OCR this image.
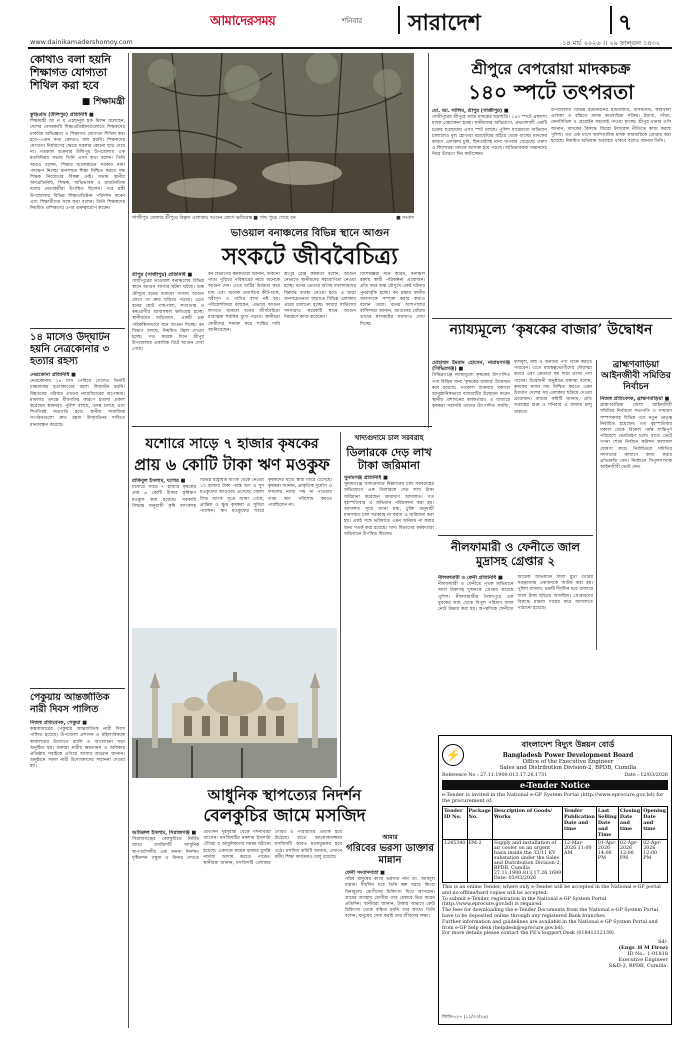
আমাদেরসময়	শনিবার	সারাদেশ	৭
www.dainikamadershomoy.com	১৪ মার্চ ২০২৬ ।। ২৯ ফাল্গুন ১৪৩২
কোথাও বলা হয়নি শিক্ষাগত যোগ্যতা শিথিল করা হবে
■ শিক্ষামন্ত্রী
কুড়িগ্রাম (উলিপুর) প্রতিনিধি ■
শিক্ষামন্ত্রী আ ন ম এহছানুল হক মিলন বলেছেন, দেশের বেসরকারি শিক্ষাপ্রতিষ্ঠানগুলোতে শিক্ষকদের চাকরির অভিজ্ঞতা ও শিক্ষাগত যোগ্যতা শিথিল করা হবে—এমন কথা কোথাও বলা হয়নি। শিক্ষকদের যোগ্যতা নির্ধারণের ক্ষেত্রে সরকার কোনো ছাড় দেবে না। গতকাল শুক্রবার উলিপুর উপজেলায় এক মতবিনিময় সভায় তিনি এসব কথা বলেন। তিনি আরও বলেন, শিক্ষার মানোন্নয়নে সরকার নানা পদক্ষেপ নিচ্ছে। মানসম্মত শিক্ষা নিশ্চিত করতে দক্ষ শিক্ষক নিয়োগের বিকল্প নেই। সভায় স্থানীয় জনপ্রতিনিধি, শিক্ষক, অভিভাবক ও রাজনৈতিক দলের নেতাকর্মীরা উপস্থিত ছিলেন। পরে মন্ত্রী উপজেলার বিভিন্ন শিক্ষাপ্রতিষ্ঠান পরিদর্শন করেন এবং শিক্ষার্থীদের সঙ্গে কথা বলেন। তিনি শিক্ষকদের নিয়মিত প্রশিক্ষণের ওপর গুরুত্বারোপ করেন।
১৪ মাসেও উদ্‌ঘাটন হয়নি নেত্রকোনার ৩ হত্যার রহস্য
নেত্রকোনা প্রতিনিধি ■
নেত্রকোনায় ১৪ মাস পেরিয়ে গেলেও তিনটি চাঞ্চল্যকর হত্যাকাণ্ডের রহস্য উদ্‌ঘাটন হয়নি। নিহতদের পরিবার এখনো ন্যায়বিচারের অপেক্ষায়। মামলার তদন্তে ধীরগতির কারণে হতাশা প্রকাশ করেছেন স্বজনরা। পুলিশ বলছে, তদন্ত চলছে এবং শিগগিরই অগ্রগতি হবে। স্থানীয় সামাজিক সংগঠনগুলো দ্রুত রহস্য উদ্‌ঘাটনের দাবিতে মানববন্ধন করেছে।
পেকুয়ায় আন্তর্জাতিক নারী দিবস পালিত
নিজস্ব প্রতিবেদক, পেকুয়া ■
কক্সবাজারের পেকুয়ায় আন্তর্জাতিক নারী দিবস পালিত হয়েছে। উপজেলা প্রশাসন ও মহিলাবিষয়ক কার্যালয়ের উদ্যোগে র‌্যালি ও আলোচনা সভা অনুষ্ঠিত হয়। বক্তারা নারীর ক্ষমতায়ন ও অধিকার প্রতিষ্ঠায় সবাইকে এগিয়ে আসার আহ্বান জানান। অনুষ্ঠানে সফল নারী উদ্যোক্তাদের সম্মাননা দেওয়া হয়।
গাজীপুর জেলার শ্রীপুরে বিস্তৃত এলাকায় আগুন লেগে ক্ষতিগ্রস্ত ■ গাছ পুড়ে গেছে বন	■ সংবাদ
ভাওয়াল বনাঞ্চলের বিভিন্ন স্থানে আগুন
সংকটে জীববৈচিত্র্য
শ্রীপুর (গাজীপুর) প্রতিনিধি ■
গাজীপুরের ভাওয়াল বনাঞ্চলের বিভিন্ন স্থানে আগুন লাগার ঘটনা ঘটছে। শুষ্ক মৌসুমে বনের শুকনো পাতায় আগুন লেগে তা দ্রুত ছড়িয়ে পড়ছে। এতে বনের ছোট গাছপালা, লতাগুল্ম ও বন্যপ্রাণীর আবাসস্থল ক্ষতিগ্রস্ত হচ্ছে। স্থানীয়দের অভিযোগ, একটি চক্র পরিকল্পিতভাবে বনে আগুন দিচ্ছে। বন বিভাগ বলছে, নিয়মিত টহল দেওয়া হচ্ছে। গত কয়েক দিনে শ্রীপুর উপজেলার একাধিক বিটে আগুন দেখা গেছে।
বন বিভাগের কর্মকর্তারা জানান, শুকনো পাতা পুড়িয়ে পরিষ্কারের নামে অনেকে আগুন দেন। এতে মাটির উর্বরতা কমে যায় এবং অনেক প্রজাতির কীটপতঙ্গ, সরীসৃপ ও পাখির বাসা নষ্ট হয়। পরিবেশবিদরা বলছেন, এভাবে আগুন লাগতে থাকলে বনের জীববৈচিত্র্য মারাত্মক হুমকির মুখে পড়বে। স্থানীয়রা দোষীদের শনাক্ত করে শাস্তির দাবি জানিয়েছেন।
শ্রীপুর রেঞ্জ কর্মকর্তা বলেন, আগুন নেভাতে স্থানীয়দের সহযোগিতা নেওয়া হচ্ছে। বনের ভেতরে অবৈধ দখলদারদের বিরুদ্ধে ব্যবস্থা নেওয়া হবে। এ ছাড়া জনসচেতনতা বাড়াতে বিভিন্ন এলাকায় প্রচার চালানো হচ্ছে। ফায়ার সার্ভিসের সদস্যরাও কয়েকটি স্থানে আগুন নিয়ন্ত্রণে কাজ করেছেন।
বিশেষজ্ঞরা মনে করেন, বনাঞ্চল রক্ষায় স্থায়ী পরিকল্পনা প্রয়োজন। প্রতি বছর শুষ্ক মৌসুমে একই ঘটনার পুনরাবৃত্তি হচ্ছে। বন রক্ষায় স্থানীয় জনগণকে সম্পৃক্ত করার কথাও বলেন তারা। বনের আশপাশের বাসিন্দারা জানান, আগুনের ধোঁয়ায় তাদের শ্বাসকষ্টের সমস্যাও দেখা দিচ্ছে।
যশোরে সাড়ে ৭ হাজার কৃষকের
প্রায় ৬ কোটি টাকা ঋণ মওকুফ
রাকিবুল ইসলাম, যশোর ■
যশোরে সাড়ে ৭ হাজার কৃষকের প্রায় ৬ কোটি টাকার কৃষিঋণ মওকুফ করা হয়েছে। সরকারি সিদ্ধান্ত অনুযায়ী কৃষি ব্যাংকসহ বিভিন্ন রাষ্ট্রায়ত্ত ব্যাংক থেকে নেওয়া ১০ হাজার টাকা পর্যন্ত ঋণ ও সুদ মওকুফের আওতায় এসেছে। জেলা লিড ব্যাংক সূত্রে জানা গেছে, প্রান্তিক ও ক্ষুদ্র কৃষকরা এ সুবিধা পাচ্ছেন। ঋণ মওকুফের খবরে কৃষকদের মধ্যে স্বস্তি ফিরে এসেছে। কৃষকরা জানান, প্রাকৃতিক দুর্যোগ ও ফসলের ন্যায্য দাম না পাওয়ায় তারা ঋণ পরিশোধ করতে পারছিলেন না।
খাদ্যগুদামে চাল সরবরাহ
ডিলারকে দেড় লাখ টাকা জরিমানা
সুনামগঞ্জ প্রতিনিধি ■
সুনামগঞ্জে খাদ্যগুদামে নিম্নমানের চাল সরবরাহের অভিযোগে এক ডিলারকে দেড় লাখ টাকা জরিমানা করেছেন ভ্রাম্যমাণ আদালত। গত বৃহস্পতিবার এ অভিযান পরিচালনা করা হয়। আদালত সূত্রে জানা যায়, চুক্তি অনুযায়ী মানসম্মত চাল সরবরাহ না করায় এ জরিমানা করা হয়। একই সঙ্গে ভবিষ্যতে এমন অনিয়ম না করার জন্য সতর্ক করা হয়েছে। খাদ্য বিভাগের কর্মকর্তারা অভিযানে উপস্থিত ছিলেন।
আধুনিক স্থাপত্যের নিদর্শন
বেলকুচির জামে মসজিদ
আমিরুল ইসলাম, সিরাজগঞ্জ ■
সিরাজগঞ্জের বেলকুচিতে নির্মিত জামে মসজিদটি আধুনিক স্থাপত্যশৈলীর এক অনন্য নিদর্শন। দৃষ্টিনন্দন গম্বুজ ও মিনার দেখতে প্রতিদিন দূরদূরান্ত থেকে দর্শনার্থীরা আসেন। মসজিদটির নকশায় ইসলামি ঐতিহ্য ও আধুনিকতার সমন্বয় ঘটানো হয়েছে। একসঙ্গে কয়েক হাজার মুসল্লি নামাজ আদায় করতে পারেন। স্থানীয়রা জানান, মসজিদটি এলাকার গৌরব ও পরিচিতির প্রতীক হয়ে উঠেছে। রাতে আলোকসজ্জায় মসজিদটি আরও মনোমুগ্ধকর হয়ে ওঠে। মসজিদ কমিটি জানায়, এখানে ধর্মীয় শিক্ষা কার্যক্রমও চালু রয়েছে।
আমার
গরিবের ভরসা ডাক্তার মান্নান
ফেনী সংবাদদাতা ■
গরিব মানুষের কাছে ভরসার নাম ডা. আবদুল মান্নান। দীর্ঘদিন ধরে তিনি স্বল্প খরচে কিংবা বিনামূল্যে রোগীদের চিকিৎসা দিয়ে আসছেন। গ্রামের অসহায় রোগীরা তার চেম্বারে ভিড় করেন প্রতিদিন। স্থানীয়রা জানান, টাকার অভাবে কেউ চিকিৎসা থেকে বঞ্চিত হয়নি তার কাছে। তিনি বলেন, মানুষের সেবা করাই তার জীবনের লক্ষ্য।
শ্রীপুরে বেপরোয়া মাদকচক্র
১৪০ স্পটে তৎপরতা
মো. আ. সালিম, শ্রীপুর (গাজীপুর) ■
গাজীপুরের শ্রীপুরে সর্বত্র মাদকের ছড়াছড়ি। ১৪০ স্পটে প্রকাশ্যে মাদক বেচাকেনা হচ্ছে। স্থানীয়দের অভিযোগ, প্রভাবশালী একটি চক্রের ছত্রছায়ায় এসব স্পট চলছে। পুলিশ মাঝেমধ্যে অভিযান চালালেও মূল হোতারা ধরাছোঁয়ার বাইরে থেকে যাচ্ছে। মাদকের কারণে এলাকায় চুরি, ছিনতাইসহ নানা অপরাধ বেড়েছে। তরুণ ও কিশোররা মাদকে আসক্ত হয়ে পড়ছে। অভিভাবকরা সন্তানদের নিয়ে উদ্বেগে দিন কাটাচ্ছেন।
উপজেলার বিভিন্ন ইউনিয়নের হাটবাজার, বাসস্ট্যান্ড, কারখানা এলাকা ও বস্তিতে মাদক কারবারিরা সক্রিয়। ইয়াবা, গাঁজা, ফেনসিডিল ও হেরোইন সহজেই পাওয়া যাচ্ছে। শ্রীপুর থানার ওসি জানান, মাদকের বিরুদ্ধে জিরো টলারেন্স নীতিতে কাজ করছে পুলিশ। গত এক মাসে অর্ধশতাধিক মাদক কারবারিকে গ্রেপ্তার করা হয়েছে। নিয়মিত অভিযান অব্যাহত থাকবে বলেও জানান তিনি।
ন্যায্যমূল্যে ‘কৃষকের বাজার’ উদ্বোধন
মোহাম্মদ ইমরান হোসেন, নারায়ণগঞ্জ (সিদ্ধিরগঞ্জ) ■
সিদ্ধিরগঞ্জে ন্যায্যমূল্যে কৃষকের উৎপাদিত পণ্য বিক্রির জন্য ‘কৃষকের বাজার’ উদ্বোধন করা হয়েছে। গতকাল শুক্রবার সকালে আনুষ্ঠানিকভাবে বাজারটির উদ্বোধন করেন স্থানীয় প্রশাসনের কর্মকর্তারা। এ বাজারে কৃষকরা সরাসরি তাদের উৎপাদিত সবজি, ফলমূল, মাছ ও অন্যান্য পণ্য বিক্রি করতে পারবেন। এতে মধ্যস্বত্বভোগীদের দৌরাত্ম্য কমবে এবং ক্রেতারা কম দামে তাজা পণ্য পাবেন। উদ্বোধনী অনুষ্ঠানে বক্তারা বলেন, কৃষকের ন্যায্য দাম নিশ্চিত করতে এমন উদ্যোগ দেশের সব এলাকায় ছড়িয়ে দেওয়া প্রয়োজন। বাজার কমিটি জানায়, প্রতি সপ্তাহের শুক্র ও শনিবার এ বাজার চালু থাকবে।
ব্রাহ্মণবাড়িয়া আইনজীবী সমিতির নির্বাচন
নিজস্ব প্রতিবেদক, ব্রাহ্মণবাড়িয়া ■
ব্রাহ্মণবাড়িয়া জেলা আইনজীবী সমিতির নির্বাচনে সভাপতি ও সাধারণ সম্পাদকসহ বিভিন্ন পদে নতুন নেতৃত্ব নির্বাচিত হয়েছেন। গত বৃহস্পতিবার সকাল থেকে বিকেল পর্যন্ত শান্তিপূর্ণ পরিবেশে ভোটগ্রহণ চলে। রাতে ভোট গণনা শেষে নির্বাচন কমিশন ফলাফল ঘোষণা করে। নির্বাচিতরা সমিতির সদস্যদের কল্যাণে কাজ করার প্রতিশ্রুতি দেন। নির্বাচনে বিপুলসংখ্যক আইনজীবী ভোট দেন।
নীলফামারী ও ফেনীতে জাল মুদ্রাসহ গ্রেপ্তার ২
নীলফামারী ও ফেনী প্রতিনিধি ■
নীলফামারী ও ফেনীতে পৃথক অভিযানে জাল টাকাসহ দুজনকে গ্রেপ্তার করেছে পুলিশ। নীলফামারীর সৈয়দপুরে এক যুবকের কাছ থেকে বিপুল পরিমাণ জাল নোট উদ্ধার করা হয়। অপরদিকে ফেনীতে আরেক অভিযানে জাল মুদ্রা তৈরির সরঞ্জামসহ একজনকে আটক করা হয়। পুলিশ জানায়, চক্রটি দীর্ঘদিন ধরে বাজারে জাল টাকা ছড়িয়ে আসছিল। গ্রেপ্তারদের বিরুদ্ধে মামলা দায়ের করে আদালতে পাঠানো হয়েছে।
⚡
বাংলাদেশ বিদ্যুৎ উন্নয়ন বোর্ড
Bangladesh Power Development Board
Office of the Executive Engineer
Sales and Distribution Division-2, BPDB, Cumilla
Reference No : 27.11.1900.013.17.26.1731	Date : 12/03/2026
e-Tender Notice
e-Tender is invited in the National e-GP System Portal (http://www.eprocure.gov.bd) for the procurement of:
Tender ID No.	Package No.	Description of Goods/ Works	Tender Publication Date and time	Last Selling Date and Time	Closing Date and time	Opening Date and time
1245340	EM-2	Supply and installation of air cooler on an urgent basis inside the 33/11 KV substation under the Sales and Distribution Division-2, BPDB, Cumilla 27.11.1900.813.17.26.1699 Date: 03/03/2026	12-Mar-2026 11:00 AM	01-Apr-2026 14:00 PM	02-Apr-2026 12:00 PM	02-Apr-2026 12:00 PM
This is an online Tender, where only e-Tender will be accepted in the National e-GP portal and no offline/hard copies will be accepted.
To submit e-Tender, registration in the National e-GP System Portal (http://www.eprocure.gov.bd) is required.
The fees for downloading the e-Tender Documents from the National e-GP System Portal have to be deposited online through any registered Bank branches.
Further information and guidelines are available in the National e-GP System Portal and from e-GP help desk (helpdesk@eprocure.gov.bd).
For more details please contact the PE's Support Desk (01841212138).
Sd/-
(Engr. H M Firoz)
ID No.: 1-01818
Executive Engineer
S&D-2, BPDB, Cumilla.
জিডি-৮৮৭ (১২/০৩/২৬)
